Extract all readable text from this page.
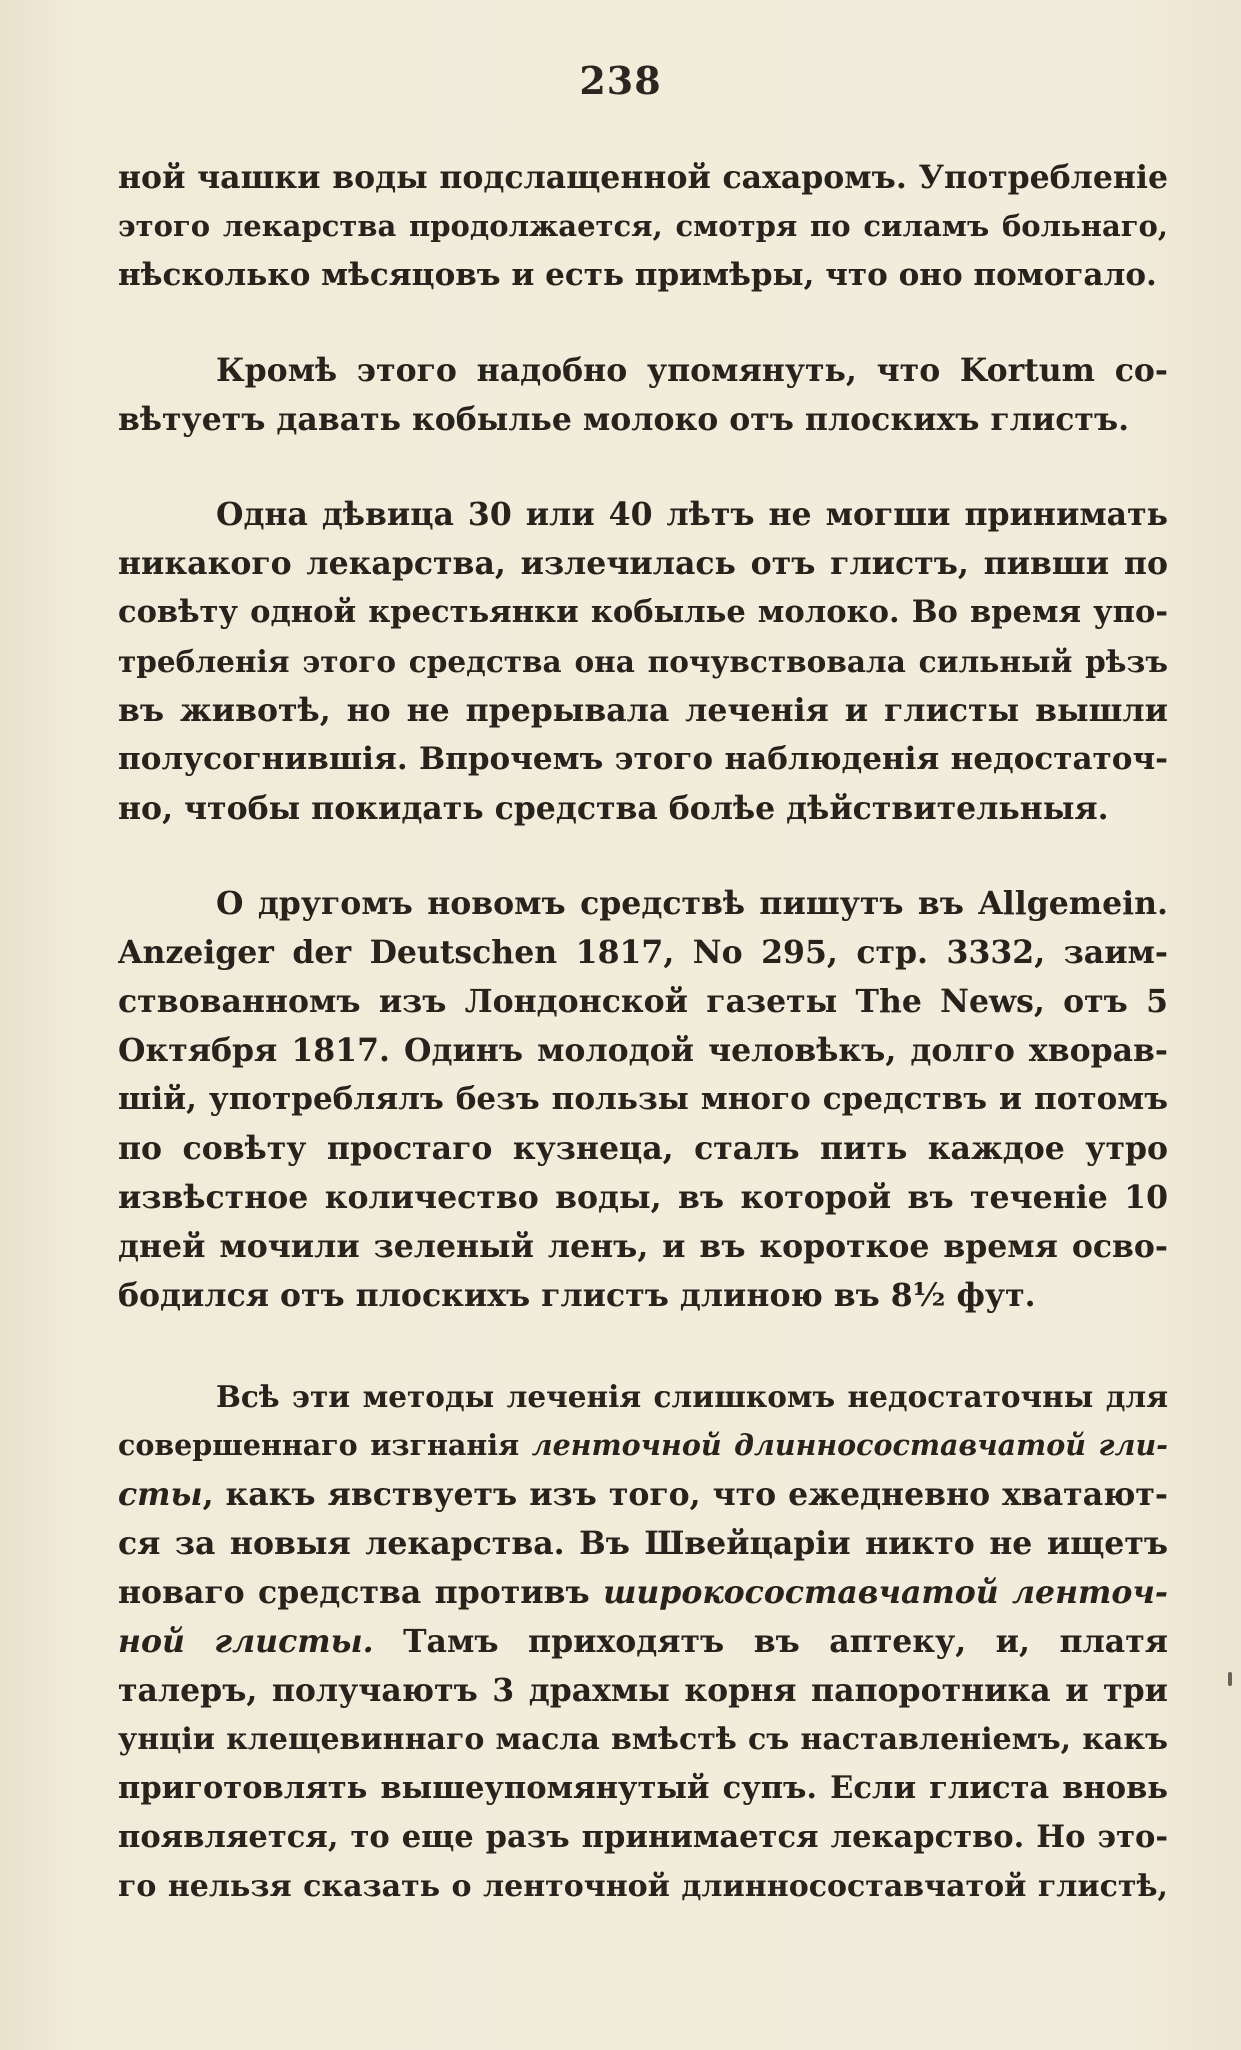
238
ной чашки воды подслащенной сахаромъ. Употребленіе
этого лекарства продолжается, смотря по силамъ больнаго,
нѣсколько мѣсяцовъ и есть примѣры, что оно помогало.
Кромѣ этого надобно упомянуть, что Kortum со-
вѣтуетъ давать кобылье молоко отъ плоскихъ глистъ.
Одна дѣвица 30 или 40 лѣтъ не могши принимать
никакого лекарства, излечилась отъ глистъ, пивши по
совѣту одной крестьянки кобылье молоко. Во время упо-
требленія этого средства она почувствовала сильный рѣзъ
въ животѣ, но не прерывала леченія и глисты вышли
полусогнившія. Впрочемъ этого наблюденія недостаточ-
но, чтобы покидать средства болѣе дѣйствительныя.
О другомъ новомъ средствѣ пишутъ въ Allgemein.
Anzeiger der Deutschen 1817, No 295, стр. 3332, заим-
ствованномъ изъ Лондонской газеты The News, отъ 5
Октября 1817. Одинъ молодой человѣкъ, долго хворав-
шій, употреблялъ безъ пользы много средствъ и потомъ
по совѣту простаго кузнеца, сталъ пить каждое утро
извѣстное количество воды, въ которой въ теченіе 10
дней мочили зеленый ленъ, и въ короткое время осво-
бодился отъ плоскихъ глистъ длиною въ 8½ фут.
Всѣ эти методы леченія слишкомъ недостаточны для
совершеннаго изгнанія ленточной длинносоставчатой гли-
сты, какъ явствуетъ изъ того, что ежедневно хватают-
ся за новыя лекарства. Въ Швейцаріи никто не ищетъ
новаго средства противъ широкосоставчатой ленточ-
ной глисты. Тамъ приходятъ въ аптеку, и, платя
талеръ, получаютъ 3 драхмы корня папоротника и три
унціи клещевиннаго масла вмѣстѣ съ наставленіемъ, какъ
приготовлять вышеупомянутый супъ. Если глиста вновь
появляется, то еще разъ принимается лекарство. Но это-
го нельзя сказать о ленточной длинносоставчатой глистѣ,
